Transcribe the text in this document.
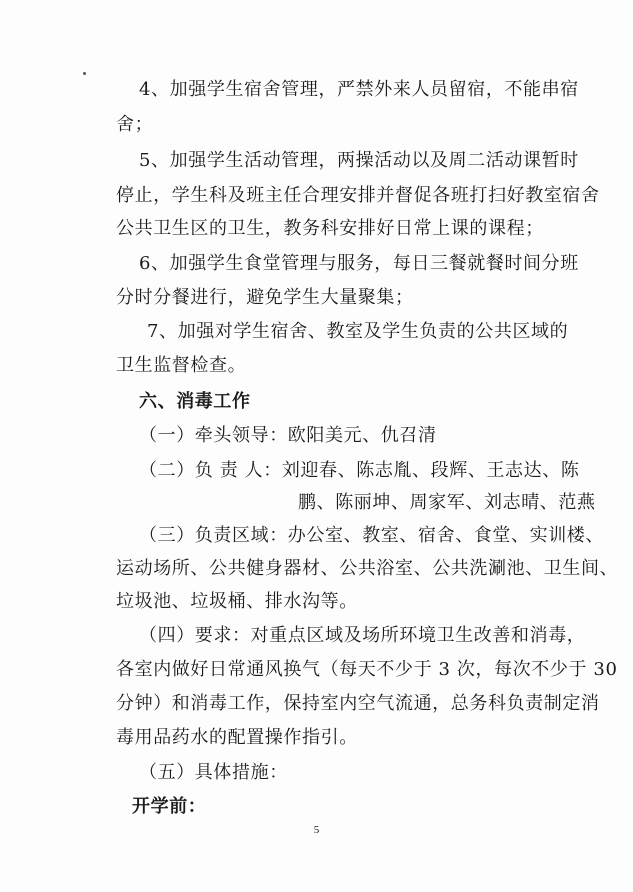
4、加强学生宿舍管理，严禁外来人员留宿，不能串宿
舍；
5、加强学生活动管理，两操活动以及周二活动课暂时
停止，学生科及班主任合理安排并督促各班打扫好教室宿舍
公共卫生区的卫生，教务科安排好日常上课的课程；
6、加强学生食堂管理与服务，每日三餐就餐时间分班
分时分餐进行，避免学生大量聚集；
7、加强对学生宿舍、教室及学生负责的公共区域的
卫生监督检查。
六、消毒工作
（一）牵头领导：欧阳美元、仇召清
（二）负 责 人：刘迎春、陈志胤、段辉、王志达、陈
鹏、陈丽坤、周家军、刘志晴、范燕
（三）负责区域：办公室、教室、宿舍、食堂、实训楼、
运动场所、公共健身器材、公共浴室、公共洗涮池、卫生间、
垃圾池、垃圾桶、排水沟等。
（四）要求：对重点区域及场所环境卫生改善和消毒，
各室内做好日常通风换气（每天不少于 3 次，每次不少于 30
分钟）和消毒工作，保持室内空气流通，总务科负责制定消
毒用品药水的配置操作指引。
（五）具体措施：
开学前：
5
